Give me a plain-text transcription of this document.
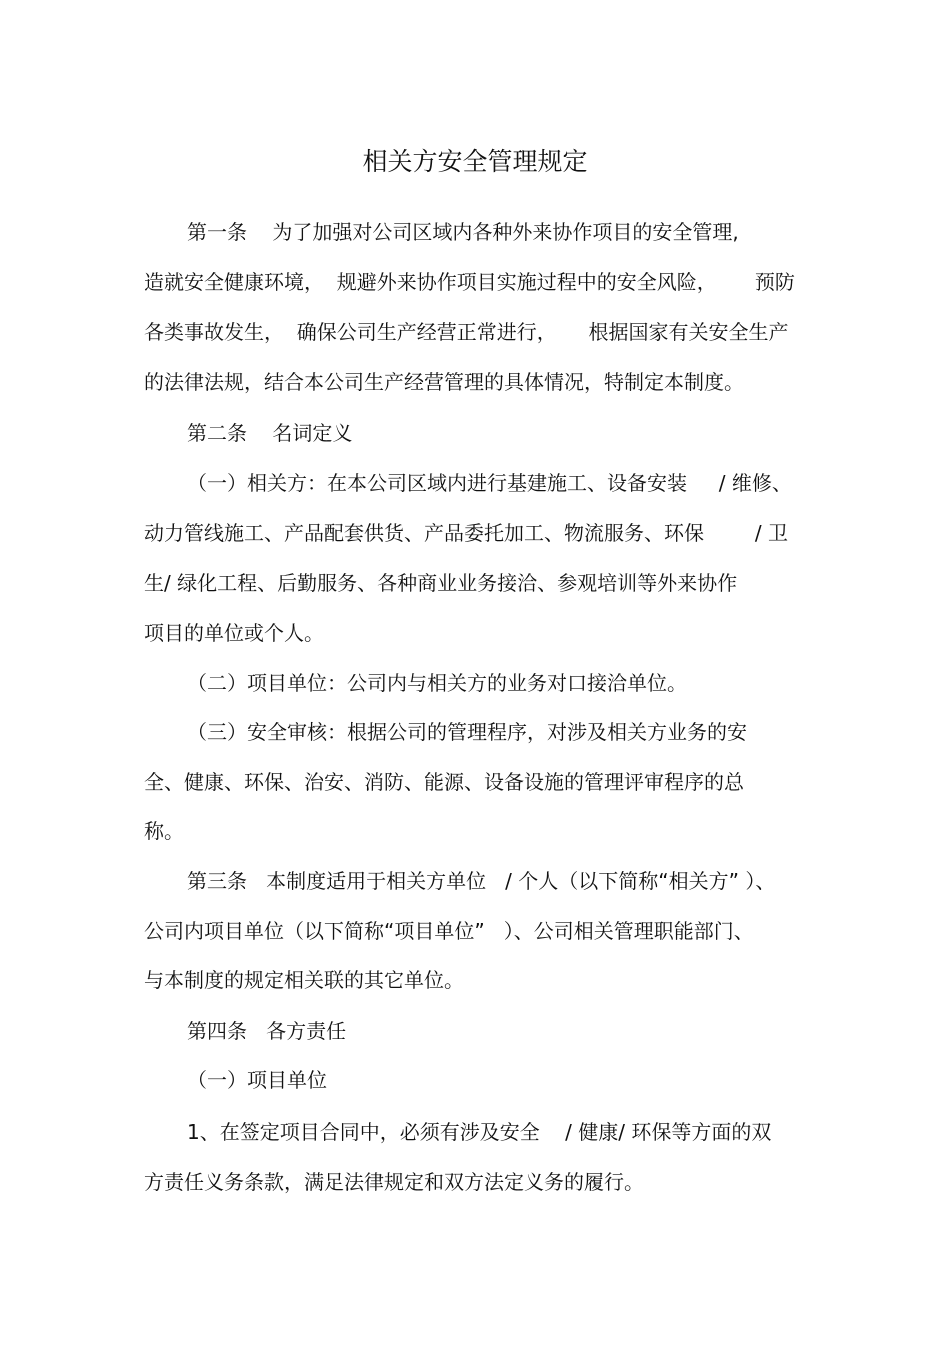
相关方安全管理规定
第一条    为了加强对公司区域内各种外来协作项目的安全管理,
造就安全健康环境，  规避外来协作项目实施过程中的安全风险，      预防
各类事故发生，  确保公司生产经营正常进行，     根据国家有关安全生产
的法律法规，结合本公司生产经营管理的具体情况，特制定本制度。
第二条    名词定义
（一）相关方：在本公司区域内进行基建施工、设备安装     / 维修、
动力管线施工、产品配套供货、产品委托加工、物流服务、环保        / 卫
生/ 绿化工程、后勤服务、各种商业业务接洽、参观培训等外来协作
项目的单位或个人。
（二）项目单位：公司内与相关方的业务对口接洽单位。
（三）安全审核：根据公司的管理程序，对涉及相关方业务的安
全、健康、环保、治安、消防、能源、设备设施的管理评审程序的总
称。
第三条   本制度适用于相关方单位   / 个人（以下简称“相关方” ）、
公司内项目单位（以下简称“项目单位”   ）、公司相关管理职能部门、
与本制度的规定相关联的其它单位。
第四条   各方责任
（一）项目单位
1、在签定项目合同中，必须有涉及安全    / 健康/ 环保等方面的双
方责任义务条款，满足法律规定和双方法定义务的履行。
